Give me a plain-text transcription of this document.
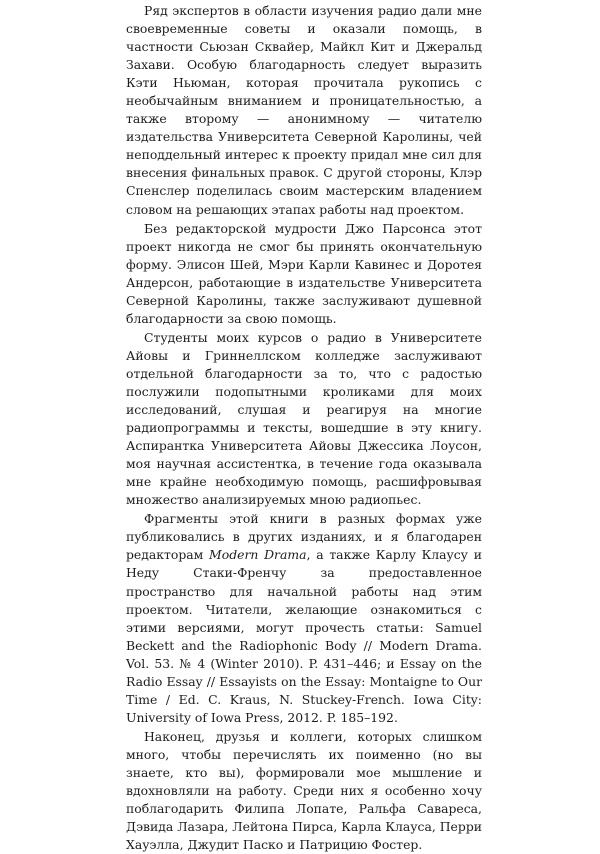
Ряд экспертов в области изучения радио дали мне своевременные советы и оказали помощь, в частности Сьюзан Сквайер, Майкл Кит и Джеральд Захави. Особую благодарность следует выразить Кэти Ньюман, которая прочитала рукопись с необычайным вниманием и проницательностью, а также второму — анонимному — читателю издательства Университета Северной Каролины, чей неподдельный интерес к проекту придал мне сил для внесения финальных правок. С другой стороны, Клэр Спенслер поделилась своим мастерским владением словом на решающих этапах работы над проектом.

Без редакторской мудрости Джо Парсонса этот проект никогда не смог бы принять окончательную форму. Элисон Шей, Мэри Карли Кавинес и Доротея Андерсон, работающие в издательстве Университета Северной Каролины, также заслуживают душевной благодарности за свою помощь.

Студенты моих курсов о радио в Университете Айовы и Гриннеллском колледже заслуживают отдельной благодарности за то, что с радостью послужили подопытными кроликами для моих исследований, слушая и реагируя на многие радиопрограммы и тексты, вошедшие в эту книгу. Аспирантка Университета Айовы Джессика Лоусон, моя научная ассистентка, в течение года оказывала мне крайне необходимую помощь, расшифровывая множество анализируемых мною радиопьес.

Фрагменты этой книги в разных формах уже публиковались в других изданиях, и я благодарен редакторам Modern Drama, а также Карлу Клаусу и Неду Стаки-Френчу за предоставленное пространство для начальной работы над этим проектом. Читатели, желающие ознакомиться с этими версиями, могут прочесть статьи: Samuel Beckett and the Radiophonic Body // Modern Drama. Vol. 53. № 4 (Winter 2010). P. 431–446; и Essay on the Radio Essay // Essayists on the Essay: Montaigne to Our Time / Ed. C. Kraus, N. Stuckey-French. Iowa City: University of Iowa Press, 2012. P. 185–192.

Наконец, друзья и коллеги, которых слишком много, чтобы перечислять их поименно (но вы знаете, кто вы), формировали мое мышление и вдохновляли на работу. Среди них я особенно хочу поблагодарить Филипа Лопате, Ральфа Савареса, Дэвида Лазара, Лейтона Пирса, Карла Клауса, Перри Хауэлла, Джудит Паско и Патрицию Фостер.
